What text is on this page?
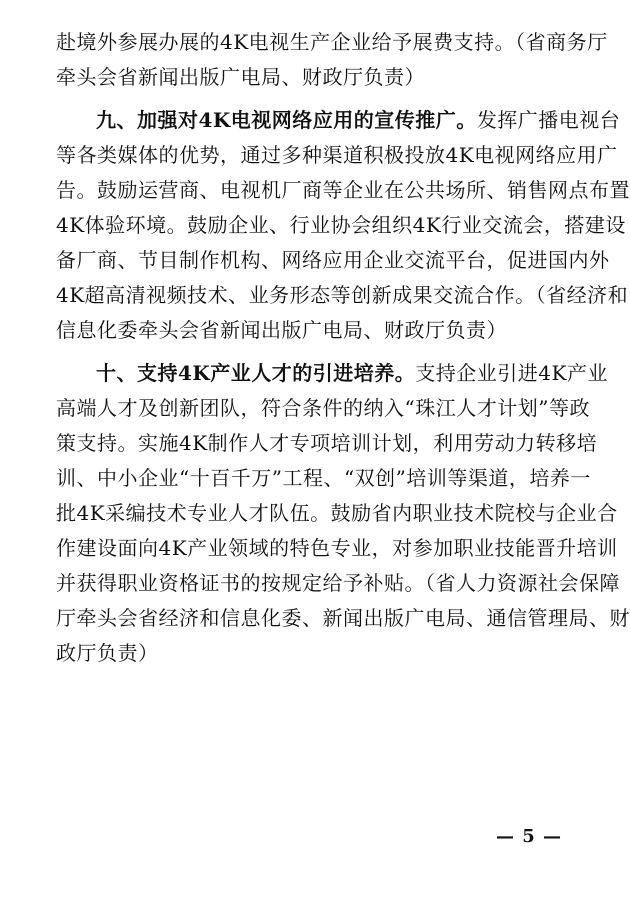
赴境外参展办展的4K电视生产企业给予展费支持。（省商务厅
牵头会省新闻出版广电局、财政厅负责）
九、加强对4K电视网络应用的宣传推广。发挥广播电视台
等各类媒体的优势，通过多种渠道积极投放4K电视网络应用广
告。鼓励运营商、电视机厂商等企业在公共场所、销售网点布置
4K体验环境。鼓励企业、行业协会组织4K行业交流会，搭建设
备厂商、节目制作机构、网络应用企业交流平台，促进国内外
4K超高清视频技术、业务形态等创新成果交流合作。（省经济和
信息化委牵头会省新闻出版广电局、财政厅负责）
十、支持4K产业人才的引进培养。支持企业引进4K产业
高端人才及创新团队，符合条件的纳入“珠江人才计划”等政
策支持。实施4K制作人才专项培训计划，利用劳动力转移培
训、中小企业“十百千万”工程、“双创”培训等渠道，培养一
批4K采编技术专业人才队伍。鼓励省内职业技术院校与企业合
作建设面向4K产业领域的特色专业，对参加职业技能晋升培训
并获得职业资格证书的按规定给予补贴。（省人力资源社会保障
厅牵头会省经济和信息化委、新闻出版广电局、通信管理局、财
政厅负责）
— 5 —
